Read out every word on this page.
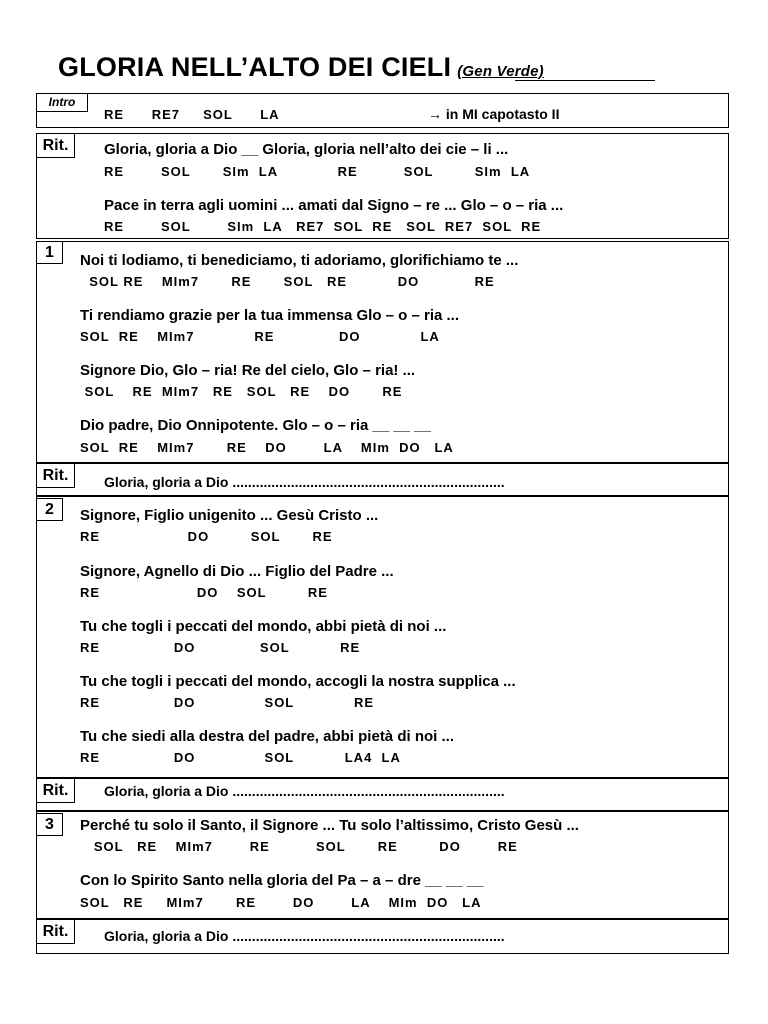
GLORIA NELL’ALTO DEI CIELI (Gen Verde)
Intro
RE      RE7     SOL      LA	→ in MI capotasto II
Rit.	Gloria, gloria a Dio __ Gloria, gloria nell’alto dei cie – li ...
RE        SOL       SIm  LA             RE          SOL         SIm  LA
Pace in terra agli uomini ... amati dal Signo – re ... Glo – o – ria ...
RE        SOL        SIm  LA   RE7  SOL  RE   SOL  RE7  SOL  RE
1	Noi ti lodiamo, ti benediciamo, ti adoriamo, glorifichiamo te ...
SOL RE    MIm7       RE       SOL   RE           DO            RE
Ti rendiamo grazie per la tua immensa Glo – o – ria ...
SOL  RE    MIm7             RE              DO             LA
Signore Dio, Glo – ria! Re del cielo, Glo – ria! ...
SOL    RE  MIm7   RE   SOL   RE    DO       RE
Dio padre, Dio Onnipotente. Glo – o – ria __ __ __
SOL  RE    MIm7       RE    DO        LA    MIm  DO   LA
Rit.	Gloria, gloria a Dio ......................................................................
2	Signore, Figlio unigenito ... Gesù Cristo ...
RE                   DO         SOL       RE
Signore, Agnello di Dio ... Figlio del Padre ...
RE                     DO    SOL         RE
Tu che togli i peccati del mondo, abbi pietà di noi ...
RE                DO              SOL           RE
Tu che togli i peccati del mondo, accogli la nostra supplica ...
RE                DO               SOL             RE
Tu che siedi alla destra del padre, abbi pietà di noi ...
RE                DO               SOL           LA4  LA
Rit.	Gloria, gloria a Dio ......................................................................
3	Perché tu solo il Santo, il Signore ... Tu solo l’altissimo, Cristo Gesù ...
SOL   RE    MIm7        RE          SOL       RE         DO        RE
Con lo Spirito Santo nella gloria del Pa – a – dre __ __ __
SOL   RE     MIm7       RE        DO        LA    MIm  DO   LA
Rit.	Gloria, gloria a Dio ......................................................................
